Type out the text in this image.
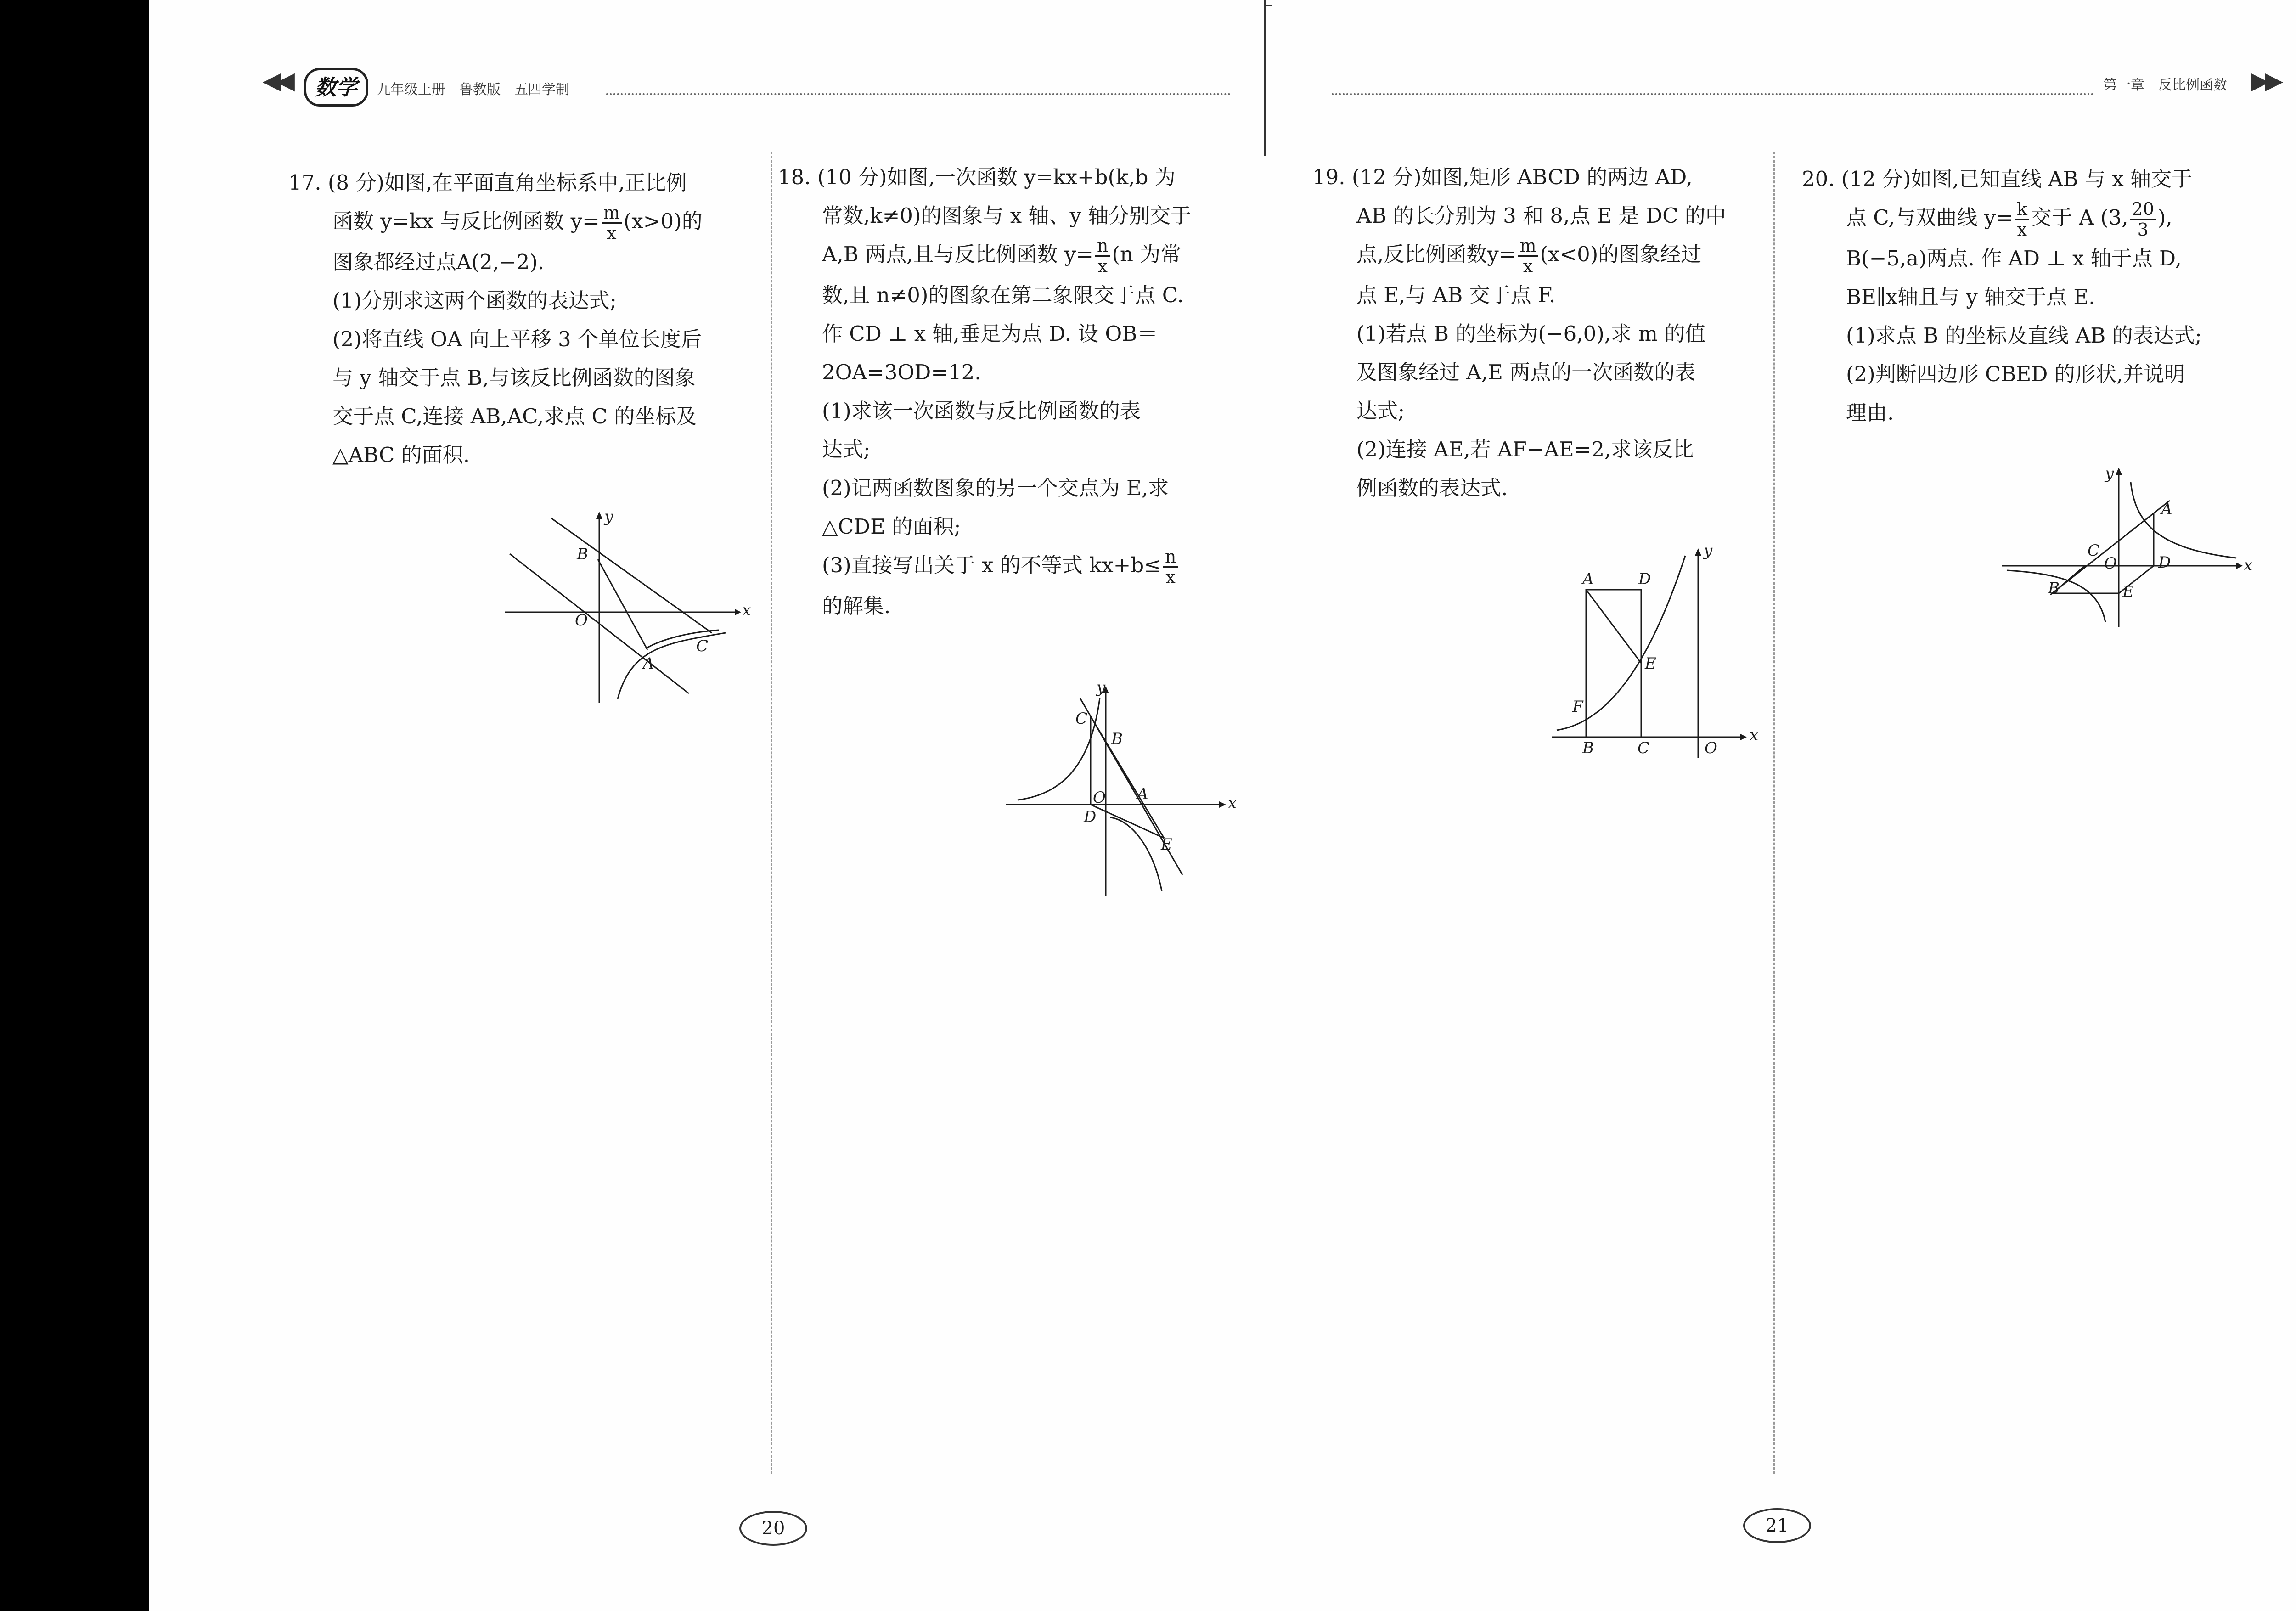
◀◀	数学	九年级上册　鲁教版　五四学制	第一章　反比例函数 ▶▶

17. (8 分)如图,在平面直角坐标系中,正比例

函数 y=kx 与反比例函数 $y= \frac{m}{x} (x>0)$的

图象都经过点A(2,−2).

(1)分别求这两个函数的表达式;

(2)将直线 OA 向上平移 3 个单位长度后

与 y 轴交于点 B,与该反比例函数的图象

交于点 C,连接 AB,AC,求点 C 的坐标及

△ABC 的面积.

x
y
O
B
A
C

18. (10 分)如图,一次函数 y=kx+b(k,b 为

常数,k≠0)的图象与 x 轴、y 轴分别交于

A,B 两点,且与反比例函数 $y= \frac{n}{x} (n$ 为常

数,且 n≠0)的图象在第二象限交于点 C.

作 CD ⊥ x 轴,垂足为点 D. 设 OB＝

2OA=3OD=12.

(1)求该一次函数与反比例函数的表

达式;

(2)记两函数图象的另一个交点为 E,求

△CDE 的面积;

(3)直接写出关于 x 的不等式 $kx+b\le \frac{n}{x}$

的解集.

x
y
O
C
B
A
D
E

19. (12 分)如图,矩形 ABCD 的两边 AD,

AB 的长分别为 3 和 8,点 E 是 DC 的中

点,反比例函数$y= \frac{m}{x} (x<0)$的图象经过

点 E,与 AB 交于点 F.

(1)若点 B 的坐标为(−6,0),求 m 的值

及图象经过 A,E 两点的一次函数的表

达式;

(2)连接 AE,若 AF−AE=2,求该反比

例函数的表达式.

x
y
O
A	D
B	C
E
F

20. (12 分)如图,已知直线 AB 与 x 轴交于

点 C,与双曲线 $y= \frac{k}{x}$ 交于 A (3, $\frac{20}{3}$ ),

B(−5,a)两点. 作 AD ⊥ x 轴于点 D,

BE∥x轴且与 y 轴交于点 E.

(1)求点 B 的坐标及直线 AB 的表达式;

(2)判断四边形 CBED 的形状,并说明

理由.

x
y
O
A
B
C
D
E
20	21
